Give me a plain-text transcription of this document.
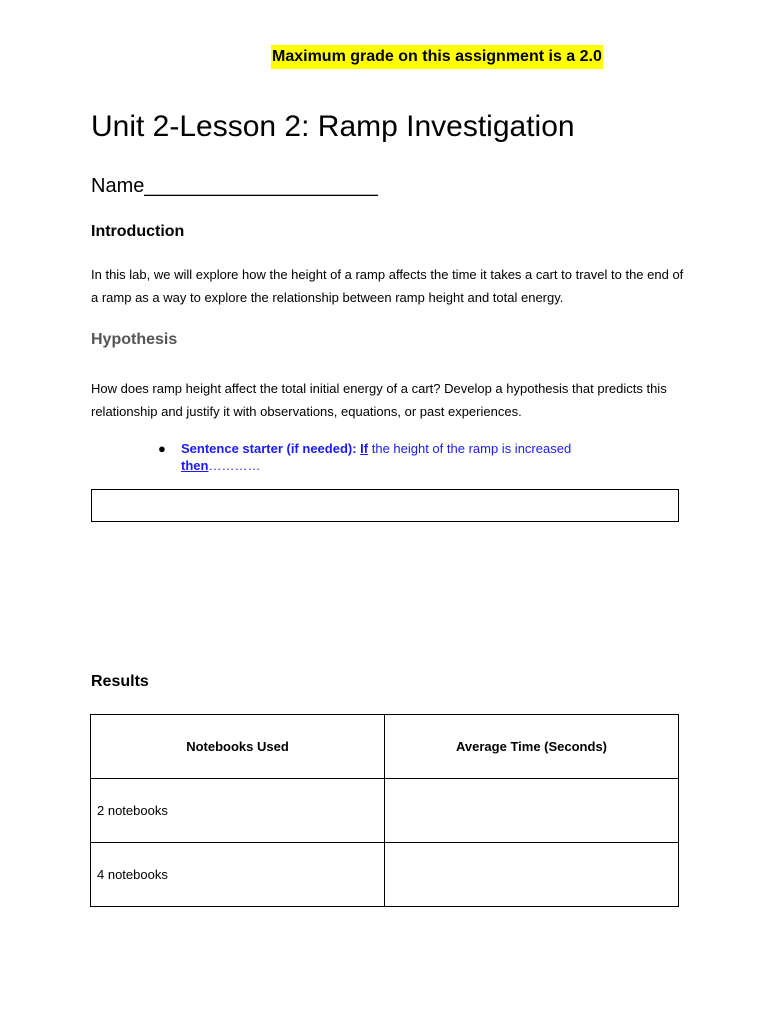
Maximum grade on this assignment is a 2.0
Unit 2-Lesson 2: Ramp Investigation
Name_____________________
Introduction
In this lab, we will explore how the height of a ramp affects the time it takes a cart to travel to the end of a ramp as a way to explore the relationship between ramp height and total energy.
Hypothesis
How does ramp height affect the total initial energy of a cart? Develop a hypothesis that predicts this relationship and justify it with observations, equations, or past experiences.
● Sentence starter (if needed): If the height of the ramp is increased
then…………
Results
Notebooks Used	Average Time (Seconds)
2 notebooks	
4 notebooks	
